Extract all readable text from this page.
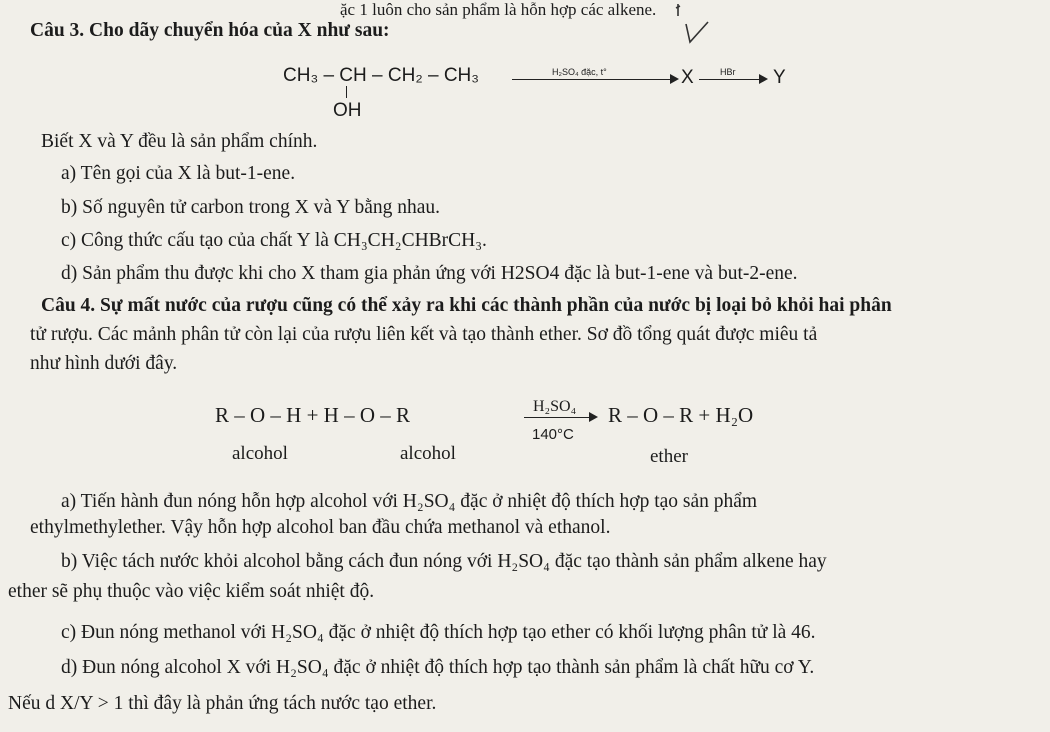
ặc 1 luôn cho sản phẩm là hỗn hợp các alkene.
Câu 3. Cho dãy chuyển hóa của X như sau:
CH₃ – CH – CH₂ – CH₃
OH
H₂SO₄ đặc, t°	X	HBr Y
Biết X và Y đều là sản phẩm chính.
a) Tên gọi của X là but-1-ene.
b) Số nguyên tử carbon trong X và Y bằng nhau.
c) Công thức cấu tạo của chất Y là CH₃CH₂CHBrCH₃.
d) Sản phẩm thu được khi cho X tham gia phản ứng với H2SO4 đặc là but-1-ene và but-2-ene.
Câu 4. Sự mất nước của rượu cũng có thể xảy ra khi các thành phần của nước bị loại bỏ khỏi hai phân
tử rượu. Các mảnh phân tử còn lại của rượu liên kết và tạo thành ether. Sơ đồ tổng quát được miêu tả
như hình dưới đây.
R – O – H + H – O – R	H₂SO₄
140°C
R – O – R + H₂O
alcohol	alcohol	ether
a) Tiến hành đun nóng hỗn hợp alcohol với H₂SO₄ đặc ở nhiệt độ thích hợp tạo sản phẩm
ethylmethylether. Vậy hỗn hợp alcohol ban đầu chứa methanol và ethanol.
b) Việc tách nước khỏi alcohol bằng cách đun nóng với H₂SO₄ đặc tạo thành sản phẩm alkene hay
ether sẽ phụ thuộc vào việc kiểm soát nhiệt độ.
c) Đun nóng methanol với H₂SO₄ đặc ở nhiệt độ thích hợp tạo ether có khối lượng phân tử là 46.
d) Đun nóng alcohol X với H₂SO₄ đặc ở nhiệt độ thích hợp tạo thành sản phẩm là chất hữu cơ Y.
Nếu d X/Y > 1 thì đây là phản ứng tách nước tạo ether.
